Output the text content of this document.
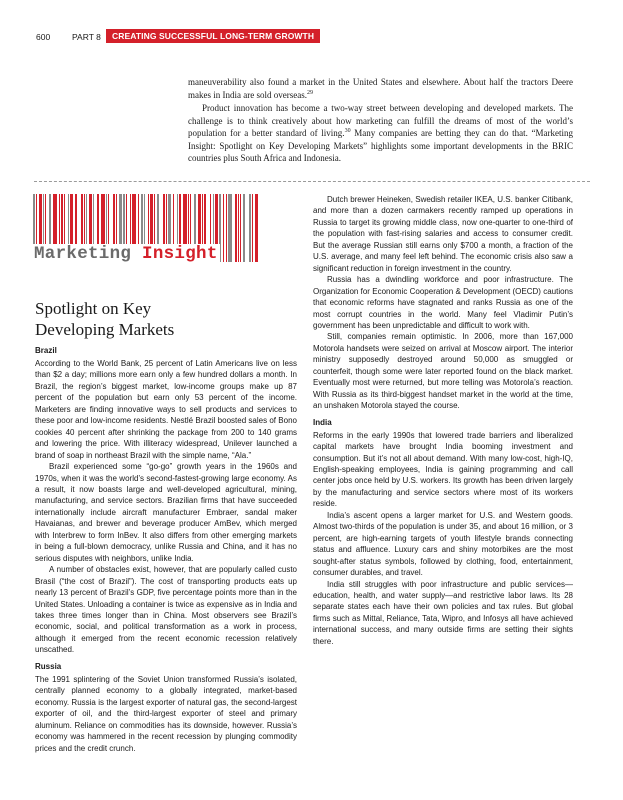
600	PART 8	CREATING SUCCESSFUL LONG-TERM GROWTH

maneuverability also found a market in the United States and elsewhere. About half the tractors Deere makes in India are sold overseas.$^{29}$

Product innovation has become a two-way street between developing and developed markets. The challenge is to think creatively about how marketing can fulfill the dreams of most of the world’s population for a better standard of living.$^{30}$ Many companies are betting they can do that. “Marketing Insight: Spotlight on Key Developing Markets” highlights some important developments in the BRIC countries plus South Africa and Indonesia.

Marketing Insight
Spotlight on Key
Developing Markets
Brazil

According to the World Bank, 25 percent of Latin Americans live on less than $2 a day; millions more earn only a few hundred dollars a month. In Brazil, the region’s biggest market, low-income groups make up 87 percent of the population but earn only 53 percent of the income. Marketers are finding innovative ways to sell products and services to these poor and low-income residents. Nestlé Brazil boosted sales of Bono cookies 40 percent after shrinking the package from 200 to 140 grams and lowering the price. With illiteracy widespread, Unilever launched a brand of soap in northeast Brazil with the simple name, “Ala.”

Brazil experienced some “go-go” growth years in the 1960s and 1970s, when it was the world’s second-fastest-growing large economy. As a result, it now boasts large and well-developed agricultural, mining, manufacturing, and service sectors. Brazilian firms that have succeeded internationally include aircraft manufacturer Embraer, sandal maker Havaianas, and brewer and beverage producer AmBev, which merged with Interbrew to form InBev. It also differs from other emerging markets in being a full-blown democracy, unlike Russia and China, and it has no serious disputes with neighbors, unlike India.

A number of obstacles exist, however, that are popularly called custo Brasil (“the cost of Brazil”). The cost of transporting products eats up nearly 13 percent of Brazil’s GDP, five percentage points more than in the United States. Unloading a container is twice as expensive as in India and takes three times longer than in China. Most observers see Brazil’s economic, social, and political transformation as a work in process, although it emerged from the recent economic recession relatively unscathed.

Russia

The 1991 splintering of the Soviet Union transformed Russia’s isolated, centrally planned economy to a globally integrated, market-based economy. Russia is the largest exporter of natural gas, the second-largest exporter of oil, and the third-largest exporter of steel and primary aluminum. Reliance on commodities has its downside, however. Russia’s economy was hammered in the recent recession by plunging commodity prices and the credit crunch.

Dutch brewer Heineken, Swedish retailer IKEA, U.S. banker Citibank, and more than a dozen carmakers recently ramped up operations in Russia to target its growing middle class, now one-quarter to one-third of the population with fast-rising salaries and access to consumer credit. But the average Russian still earns only $700 a month, a fraction of the U.S. average, and many feel left behind. The economic crisis also saw a significant reduction in foreign investment in the country.

Russia has a dwindling workforce and poor infrastructure. The Organization for Economic Cooperation & Development (OECD) cautions that economic reforms have stagnated and ranks Russia as one of the most corrupt countries in the world. Many feel Vladimir Putin’s government has been unpredictable and difficult to work with.

Still, companies remain optimistic. In 2006, more than 167,000 Motorola handsets were seized on arrival at Moscow airport. The interior ministry supposedly destroyed around 50,000 as smuggled or counterfeit, though some were later reported found on the black market. Eventually most were returned, but more telling was Motorola’s reaction. With Russia as its third-biggest handset market in the world at the time, an unshaken Motorola stayed the course.

India

Reforms in the early 1990s that lowered trade barriers and liberalized capital markets have brought India booming investment and consumption. But it’s not all about demand. With many low-cost, high-IQ, English-speaking employees, India is gaining programming and call center jobs once held by U.S. workers. Its growth has been driven largely by the manufacturing and service sectors where most of its workers reside.

India’s ascent opens a larger market for U.S. and Western goods. Almost two-thirds of the population is under 35, and about 16 million, or 3 percent, are high-earning targets of youth lifestyle brands connecting status and affluence. Luxury cars and shiny motorbikes are the most sought-after status symbols, followed by clothing, food, entertainment, consumer durables, and travel.

India still struggles with poor infrastructure and public services—education, health, and water supply—and restrictive labor laws. Its 28 separate states each have their own policies and tax rules. But global firms such as Mittal, Reliance, Tata, Wipro, and Infosys all have achieved international success, and many outside firms are setting their sights there.
